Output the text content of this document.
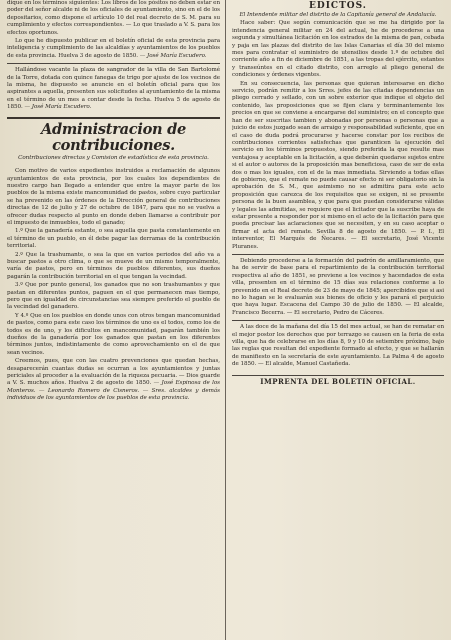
dique en los términos siguientes: Los libros de los pósitos no deben estar en poder del señor alcalde ni de los oficiales de ayuntamiento, sino en el de los depositarios, como dispone el artículo 10 del real decreto de S. M. para su cumplimiento y efectos correspondientes. — Lo que traslado a V. S. para los efectos oportunos.

Lo que he dispuesto publicar en el boletín oficial de esta provincia para inteligencia y cumplimiento de las alcaldías y ayuntamientos de los pueblos de esta provincia. Huelva 3 de agosto de 1850. — José María Escudero.

Hallándose vacante la plaza de sangrador de la villa de San Bartolomé de la Torre, dotada con quince fanegas de trigo por ajuste de los vecinos de la misma, he dispuesto se anuncie en el boletín oficial para que los aspirantes a aquella, presenten sus solicitudes al ayuntamiento de la misma en el término de un mes a contar desde la fecha. Huelva 5 de agosto de 1850. — José María Escudero.

Administracion de contribuciones.
Contribuciones directas y Comision de estadística de esta provincia.

Con motivo de varios expedientes instruidos a reclamación de algunos ayuntamientos de esta provincia, por los cuales los dependientes de nuestro cargo han llegado a entender que entre la mayor parte de los pueblos de la misma existe mancomunidad de pastos, sobre cuyo particular se ha prevenido en las órdenes de la Dirección general de contribuciones directas de 12 de julio y 27 de octubre de 1847, para que no se vuelva a ofrecer dudas respecto al punto en donde deben llamarse a contribuir por el impuesto de inmuebles, todo el ganado;

1.º Que la ganadería estante, o sea aquella que pasta constantemente en el término de un pueblo, en él debe pagar las derramas de la contribución territorial.

2.º Que la trashumante, o sea la que en varios periodos del año va a buscar pastos a otro clima, o que se mueve de un mismo temporalmente, varía de pastos, pero en términos de pueblos diferentes, sus dueños pagarán la contribución territorial en el que tengan la vecindad.

3.º Que por punto general, los ganados que no son trashumantes y que pastan en diferentes puntos, paguen en el que permanecen mas tiempo, pero que en igualdad de circunstancias sea siempre preferido el pueblo de la vecindad del ganadero.

Y 4.º Que en los pueblos en donde unos con otros tengan mancomunidad de pastos, como para este caso los términos de uno es el todos, como los de todos es de uno, y los dificultos en mancomunidad, pagarán también los dueños de la ganadería por los ganados que pastan en los diferentes términos juntos, indistintamente de como aprovechamiento en el de que sean vecinos.

Creemos, pues, que con las cuatro prevenciones que quedan hechas, desaparecerán cuantas dudas se ocurran a los ayuntamientos y juntas periciales al proceder a la evaluación de la riqueza pecuaria. — Dios guarde a V. S. muchos años. Huelva 2 de agosto de 1850. — José Espinosa de los Monteros. — Leonardo Romero de Cisneros. — Sres. alcaldes y demás individuos de los ayuntamientos de los pueblos de esta provincia.

EDICTOS.

El Intendente militar del distrito de la Capitanía general de Andalucía.

Hace saber: Que según comunicación que se me ha dirigido por la intendencia general militar en 24 del actual, he de procederse a una segunda y simultánea licitación en los estrados de la misma de pan, cebada y paja en las plazas del distrito de las Islas Canarias el día 30 del mismo mes para contratar el suministro de utensilios desde 1.º de octubre del corriente año a fin de diciembre de 1851, a las tropas del ejército, estantes y transeúntes en el citado distrito, con arreglo al pliego general de condiciones y órdenes vigentes.

En su consecuencia, las personas que quieran interesarse en dicho servicio, podrán remitir a los Srres. jefes de las citadas dependencias un pliego cerrado y sellado, con un sobre exterior que indique el objeto del contenido, las proposiciones que se fijen clara y terminantemente los precios en que se conviene a encargarse del suministro; en el concepto que han de ser suscritas tambien y abonadas por personas o personas que a juicio de estos juzgado sean de arraigo y responsabilidad suficiente, que en el caso de duda podrá procurarse y hacerse constar por los recibos de contribuciones corrientes satisfechas que garanticen la ejecución del servicio en los términos propuestos, siendo preferida la que resulte mas ventajosa y aceptable en la licitación, a que deberán quedarse sujetos entre si el autor o autores de la proposición mas beneficiosa, caso de ser de esta dos o mas los iguales, con el de la mas inmediata. Sirviendo a todas ellas de gobierno, que el remate no puede causar efecto ni ser obligatorio sin la aprobación de S. M., que asimismo no se admitira para este acto proposición que carezca de los requisitos que se exigen, ni se presente persona de la buen asamblea, y que para que puedan considerarse válidas y legales las admitidas, se requiere que el licitador que la suscribe haya de estar presente a responder por si mismo en el acto de la licitación para que pueda precisar las aclaraciones que se necesiten, y en su caso aceptar o firmar el acta del remate. Sevilla 8 de agosto de 1850. — P. I., El interventor, El Marqués de Ñecares. — El secretario, José Vicente Pluranes.

Debiendo procederse a la formación del padrón de amillaramiento, que ha de servir de base para el repartimiento de la contribución territorial respectiva al año de 1851, se previene a los vecinos y hacendados de esta villa, presenten en el término de 15 días sus relaciones conforme a lo prevenido en el Real decreto de 23 de mayo de 1845; apercibidos que si asi no lo hagan se le evaluarán sus bienes de oficio y les parará el perjuicio que haya lugar. Escacena del Campo 30 de julio de 1850. — El alcalde, Francisco Becerra. — El secretario, Pedro de Cáceres.

A las doce de la mañana del día 15 del mes actual, se han de rematar en el mejor postor los derechos que por terrazgo se causen en la feria de esta villa, que ha de celebrarse en los días 8, 9 y 10 de setiembre próximo, bajo las reglas que resultan del expediente formado al efecto, y que se hallarán de manifiesto en la secretaría de este ayuntamiento. La Palma 4 de agosto de 1850. — El alcalde, Manuel Castañeda.

IMPRENTA DEL BOLETIN OFICIAL.
